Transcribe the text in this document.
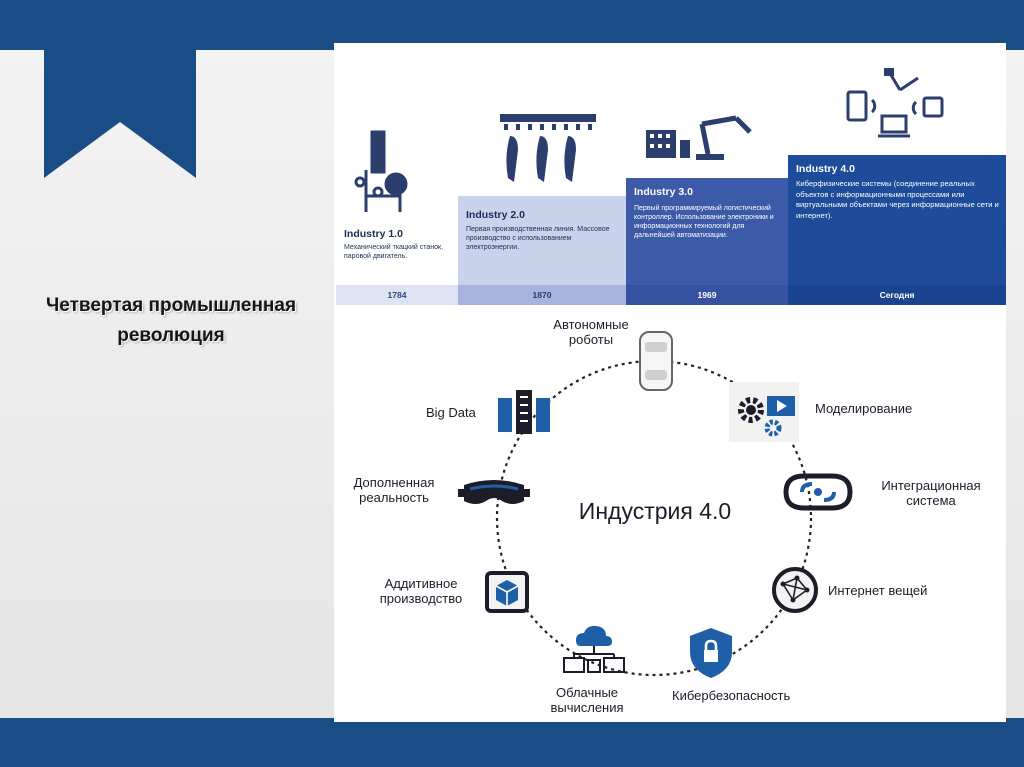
Четвертая промышленная революция
Industry 1.0
Механический ткацкий станок, паровой двигатель.
1784
Industry 2.0
Первая производственная линия. Массовое производство с использованием электроэнергии.
1870
Industry 3.0
Первый программируемый логистический контроллер. Использование электроники и информационных технологий для дальнейшей автоматизации.
1969
Industry 4.0
Киберфизические системы (соединение реальных объектов с информационными процессами или виртуальными объектами через информационные сети и интернет).
Сегодня
Индустрия 4.0
Автономные роботы
Моделирование
Интеграционная система
Интернет вещей
Кибербезопасность
Облачные вычисления
Аддитивное производство
Дополненная реальность
Big Data
